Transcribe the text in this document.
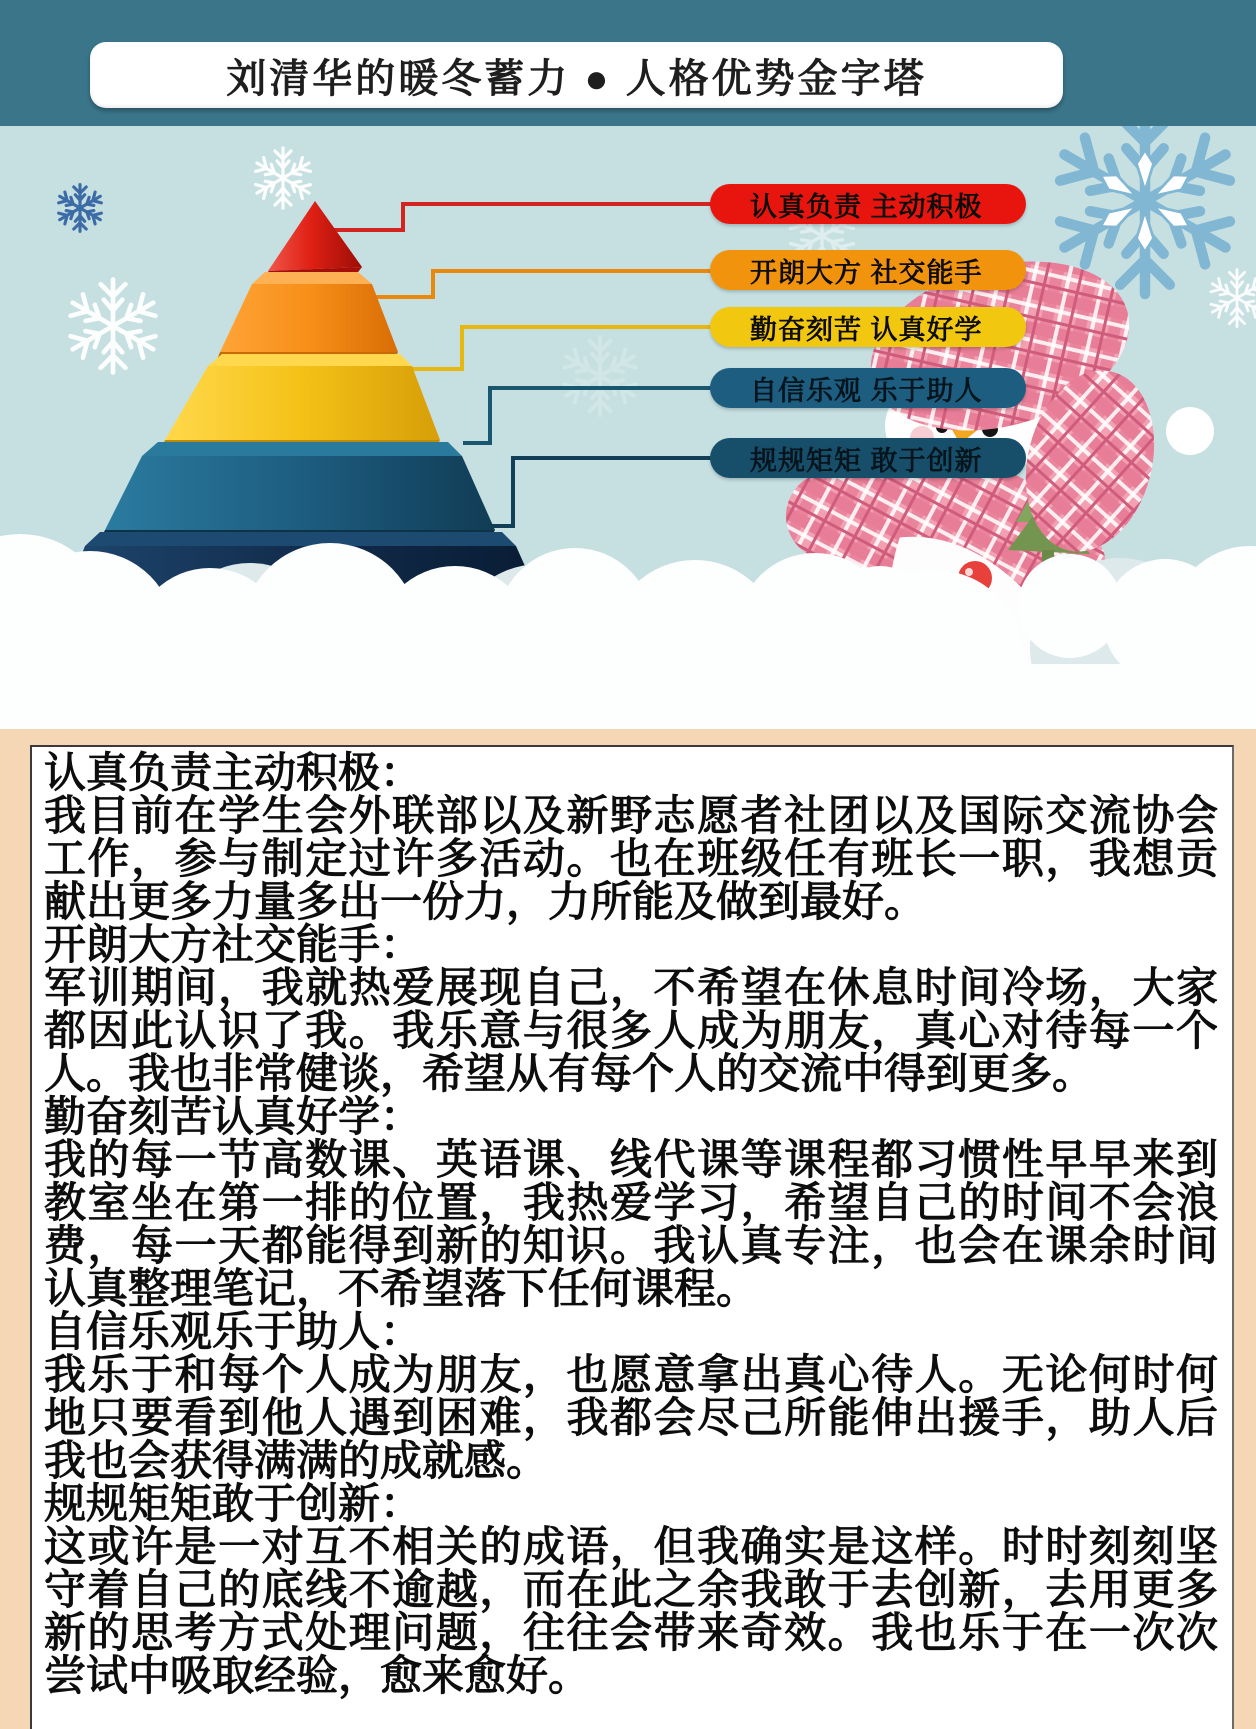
刘清华的暖冬蓄力 ● 人格优势金字塔
认真负责 主动积极
开朗大方 社交能手
勤奋刻苦 认真好学
自信乐观 乐于助人
规规矩矩 敢于创新
认真负责主动积极：
我目前在学生会外联部以及新野志愿者社团以及国际交流协会工作，参与制定过许多活动。也在班级任有班长一职，我想贡献出更多力量多出一份力，力所能及做到最好。
开朗大方社交能手：
军训期间，我就热爱展现自己，不希望在休息时间冷场，大家都因此认识了我。我乐意与很多人成为朋友，真心对待每一个人。我也非常健谈，希望从有每个人的交流中得到更多。
勤奋刻苦认真好学：
我的每一节高数课、英语课、线代课等课程都习惯性早早来到教室坐在第一排的位置，我热爱学习，希望自己的时间不会浪费，每一天都能得到新的知识。我认真专注，也会在课余时间认真整理笔记，不希望落下任何课程。
自信乐观乐于助人：
我乐于和每个人成为朋友，也愿意拿出真心待人。无论何时何地只要看到他人遇到困难，我都会尽己所能伸出援手，助人后我也会获得满满的成就感。
规规矩矩敢于创新：
这或许是一对互不相关的成语，但我确实是这样。时时刻刻坚守着自己的底线不逾越，而在此之余我敢于去创新，去用更多新的思考方式处理问题，往往会带来奇效。我也乐于在一次次尝试中吸取经验，愈来愈好。
